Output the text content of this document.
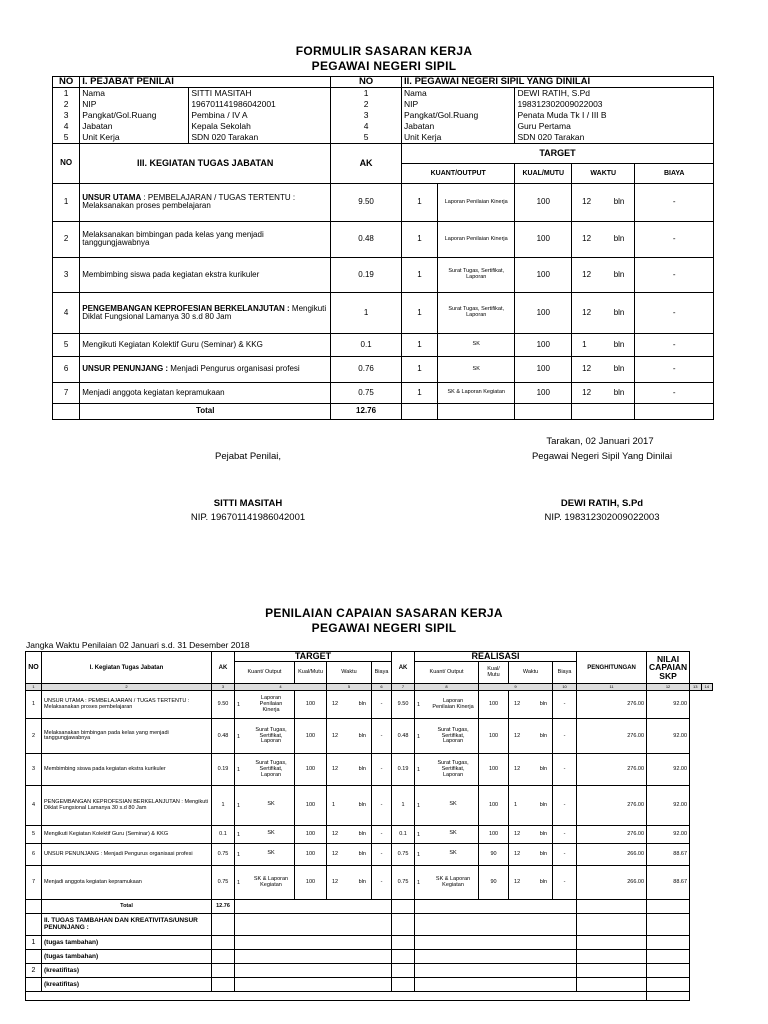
FORMULIR SASARAN KERJA
PEGAWAI NEGERI SIPIL
NO	I. PEJABAT PENILAI		NO	II. PEGAWAI NEGERI SIPIL YANG DINILAI				
1	Nama	SITTI MASITAH	1	Nama		DEWI RATIH, S.Pd		
2	NIP	196701141986042001	2	NIP		198312302009022003		
3	Pangkat/Gol.Ruang	Pembina / IV A	3	Pangkat/Gol.Ruang		Penata Muda Tk I / III B		
4	Jabatan	Kepala Sekolah	4	Jabatan		Guru Pertama		
5	Unit Kerja	SDN 020 Tarakan	5	Unit Kerja		SDN 020 Tarakan		
NO	III. KEGIATAN TUGAS JABATAN		AK	TARGET				
				KUANT/OUTPUT		KUAL/MUTU	WAKTU	BIAYA
1	UNSUR UTAMA : PEMBELAJARAN / TUGAS TERTENTU : Melaksanakan proses pembelajaran		9.50	1	Laporan Penilaian Kinerja	100	12 bln	-
2	Melaksanakan bimbingan pada kelas yang menjadi tanggungjawabnya		0.48	1	Laporan Penilaian Kinerja	100	12 bln	-
3	Membimbing siswa pada kegiatan ekstra kurikuler		0.19	1	Surat Tugas, Sertifikat, Laporan	100	12 bln	-
4	PENGEMBANGAN KEPROFESIAN BERKELANJUTAN : Mengikuti Diklat Fungsional Lamanya 30 s.d 80 Jam		1	1	Surat Tugas, Sertifikat, Laporan	100	12 bln	-
5	Mengikuti Kegiatan Kolektif Guru (Seminar) & KKG		0.1	1	SK	100	1 bln	-
6	UNSUR PENUNJANG : Menjadi Pengurus organisasi profesi		0.76	1	SK	100	12 bln	-
7	Menjadi anggota kegiatan kepramukaan		0.75	1	SK & Laporan Kegiatan	100	12 bln	-
	Total		12.76					
Tarakan, 02 Januari 2017
Pejabat Penilai,	Pegawai Negeri Sipil Yang Dinilai
SITTI MASITAH
NIP. 196701141986042001
DEWI RATIH, S.Pd
NIP. 198312302009022003
PENILAIAN CAPAIAN SASARAN KERJA
PEGAWAI NEGERI SIPIL
Jangka Waktu Penilaian 02 Januari s.d. 31 Desember 2018
NO	I. Kegiatan Tugas Jabatan	AK	TARGET				AK	REALISASI				PENGHITUNGAN	NILAI CAPAIAN SKP		
			Kuant/ Output	Kual/Mutu	Waktu	Biaya		Kuant/ Output	Kual/ Mutu	Waktu	Biaya				
1	2	3	4		5	6	7	8	9		10	11	12	13	14
1	UNSUR UTAMA : PEMBELAJARAN / TUGAS TERTENTU : Melaksanakan proses pembelajaran	9.50	1Laporan Penilaian Kinerja	100	12 bln	-	9.50	1Laporan Penilaian Kinerja	100	12 bln	-	276.00	92.00		
2	Melaksanakan bimbingan pada kelas yang menjadi tanggungjawabnya	0.48	1Surat Tugas, Sertifikat, Laporan	100	12 bln	-	0.48	1Surat Tugas, Sertifikat, Laporan	100	12 bln	-	276.00	92.00		
3	Membimbing siswa pada kegiatan ekstra kurikuler	0.19	1Surat Tugas, Sertifikat, Laporan	100	12 bln	-	0.19	1Surat Tugas, Sertifikat, Laporan	100	12 bln	-	276.00	92.00		
4	PENGEMBANGAN KEPROFESIAN BERKELANJUTAN : Mengikuti Diklat Fungsional Lamanya 30 s.d 80 Jam	1	1 SK	100	1 bln	-	1	1 SK	100	1 bln	-	276.00	92.00		
5	Mengikuti Kegiatan Kolektif Guru (Seminar) & KKG	0.1	1 SK	100	12 bln	-	0.1	1 SK	100	12 bln	-	276.00	92.00		
6	UNSUR PENUNJANG : Menjadi Pengurus organisasi profesi	0.75	1 SK	100	12 bln	-	0.75	1 SK	90	12 bln	-	266.00	88.67		
7	Menjadi anggota kegiatan kepramukaan	0.75	1SK & Laporan Kegiatan	100	12 bln	-	0.75	1SK & Laporan Kegiatan	90	12 bln	-	266.00	88.67		
	Total	12.76													
	II. TUGAS TAMBAHAN DAN KREATIVITAS/UNSUR PENUNJANG :														
1	(tugas tambahan)														
	(tugas tambahan)														
2	(kreatifitas)														
	(kreatifitas)														
